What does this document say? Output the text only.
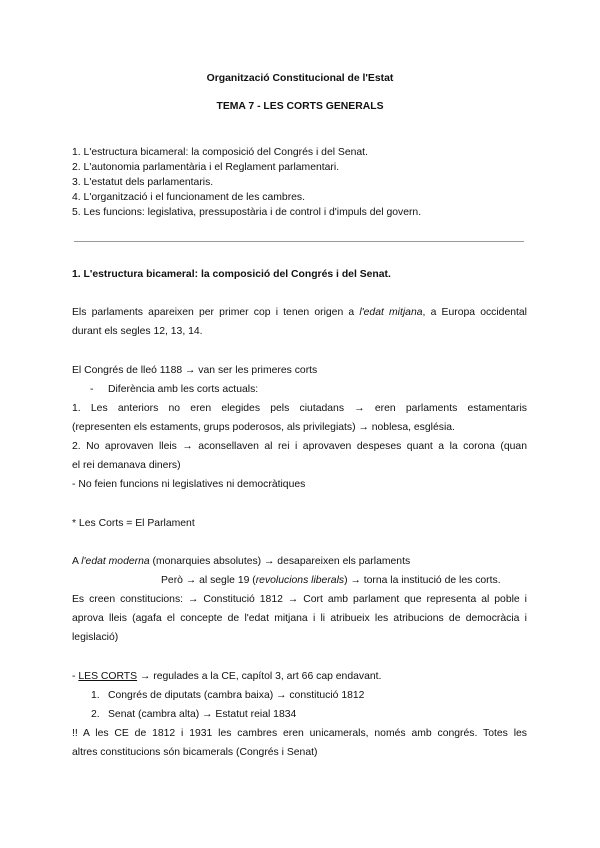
Organització Constitucional de l'Estat
TEMA 7 - LES CORTS GENERALS
1. L'estructura bicameral: la composició del Congrés i del Senat.
2. L'autonomia parlamentària i el Reglament parlamentari.
3. L'estatut dels parlamentaris.
4. L'organització i el funcionament de les cambres.
5. Les funcions: legislativa, pressupostària i de control i d'impuls del govern.
1. L'estructura bicameral: la composició del Congrés i del Senat.
Els parlaments apareixen per primer cop i tenen origen a l'edat mitjana, a Europa occidental
durant els segles 12, 13, 14.
El Congrés de lleó 1188 → van ser les primeres corts
- Diferència amb les corts actuals:
1. Les anteriors no eren elegides pels ciutadans → eren parlaments estamentaris
(representen els estaments, grups poderosos, als privilegiats) → noblesa, església.
2. No aprovaven lleis → aconsellaven al rei i aprovaven despeses quant a la corona (quan
el rei demanava diners)
- No feien funcions ni legislatives ni democràtiques
* Les Corts = El Parlament
A l'edat moderna (monarquies absolutes) → desapareixen els parlaments
Però → al segle 19 (revolucions liberals) → torna la institució de les corts.
Es creen constitucions: → Constitució 1812 → Cort amb parlament que representa al poble i
aprova lleis (agafa el concepte de l'edat mitjana i li atribueix les atribucions de democràcia i
legislació)
- LES CORTS → regulades a la CE, capítol 3, art 66 cap endavant.
1. Congrés de diputats (cambra baixa) → constitució 1812
2. Senat (cambra alta) → Estatut reial 1834
!! A les CE de 1812 i 1931 les cambres eren unicamerals, només amb congrés. Totes les
altres constitucions són bicamerals (Congrés i Senat)
